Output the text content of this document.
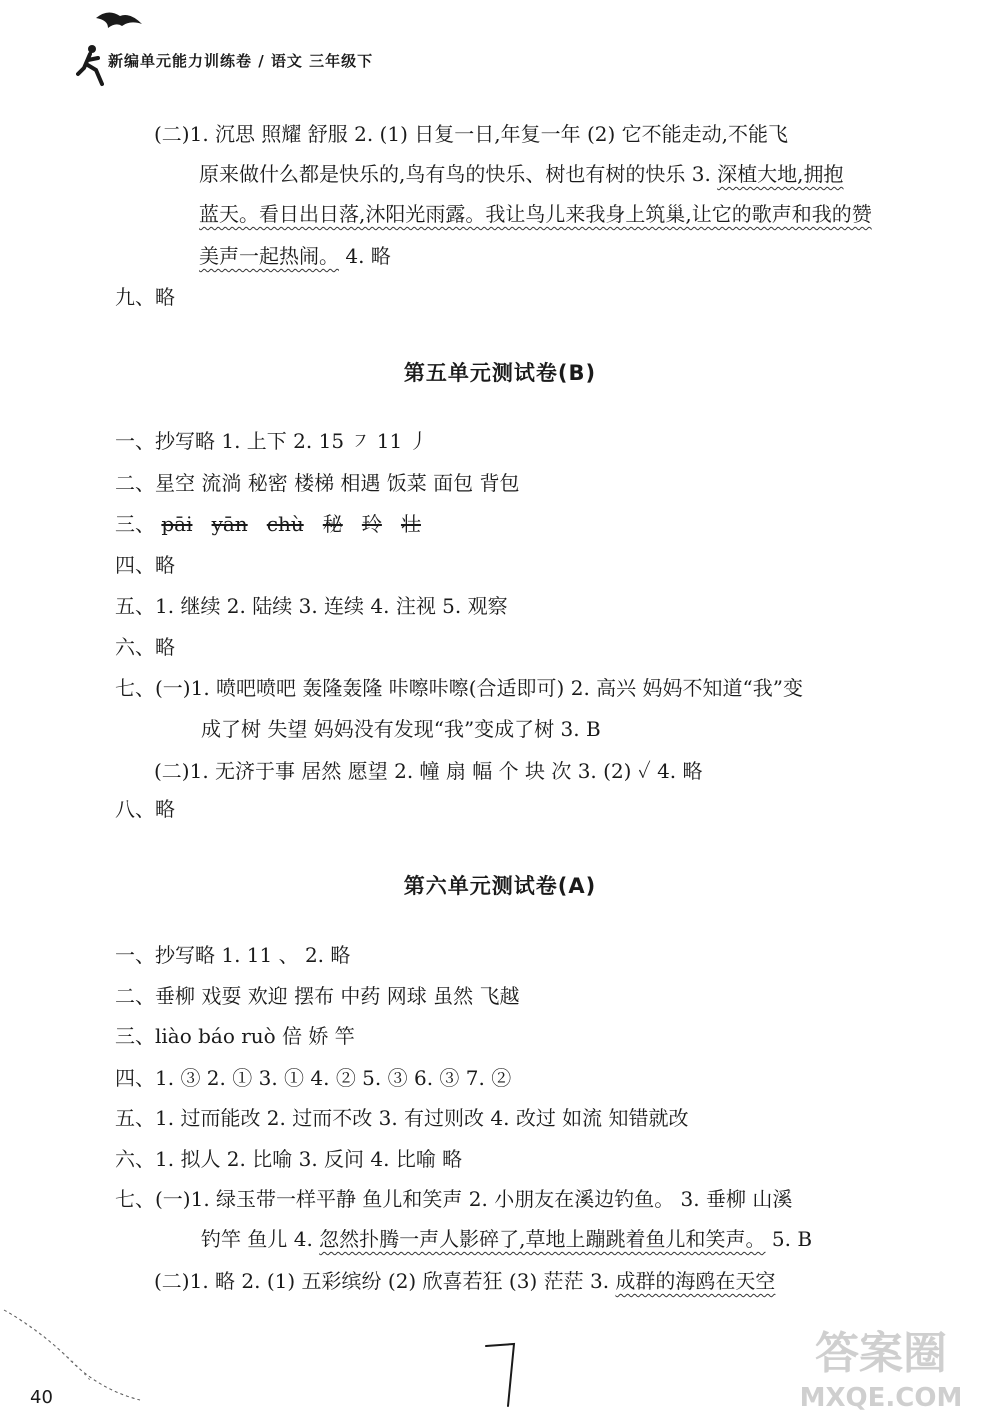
新编单元能力训练卷 / 语文 三年级下
(二)1. 沉思 照耀 舒服 2. (1) 日复一日,年复一年 (2) 它不能走动,不能飞
原来做什么都是快乐的,鸟有鸟的快乐、树也有树的快乐 3. 深植大地,拥抱
蓝天。看日出日落,沐阳光雨露。我让鸟儿来我身上筑巢,让它的歌声和我的赞
美声一起热闹。 4. 略
九、略
第五单元测试卷(B)
一、抄写略 1. 上下 2. 15 ㇇ 11 丿
二、星空 流淌 秘密 楼梯 相遇 饭菜 面包 背包
三、 pāi yān chù 秘 玲 壮
四、略
五、1. 继续 2. 陆续 3. 连续 4. 注视 5. 观察
六、略
七、(一)1. 喷吧喷吧 轰隆轰隆 咔嚓咔嚓(合适即可) 2. 高兴 妈妈不知道“我”变
成了树 失望 妈妈没有发现“我”变成了树 3. B
(二)1. 无济于事 居然 愿望 2. 幢 扇 幅 个 块 次 3. (2) ✓ 4. 略
八、略
第六单元测试卷(A)
一、抄写略 1. 11 、 2. 略
二、垂柳 戏耍 欢迎 摆布 中药 网球 虽然 飞越
三、liào báo ruò 倍 娇 竿
四、1. ③ 2. ① 3. ① 4. ② 5. ③ 6. ③ 7. ②
五、1. 过而能改 2. 过而不改 3. 有过则改 4. 改过 如流 知错就改
六、1. 拟人 2. 比喻 3. 反问 4. 比喻 略
七、(一)1. 绿玉带一样平静 鱼儿和笑声 2. 小朋友在溪边钓鱼。 3. 垂柳 山溪
钓竿 鱼儿 4. 忽然扑腾一声人影碎了,草地上蹦跳着鱼儿和笑声。 5. B
(二)1. 略 2. (1) 五彩缤纷 (2) 欣喜若狂 (3) 茫茫 3. 成群的海鸥在天空
40
答案圈
MXQE.COM
